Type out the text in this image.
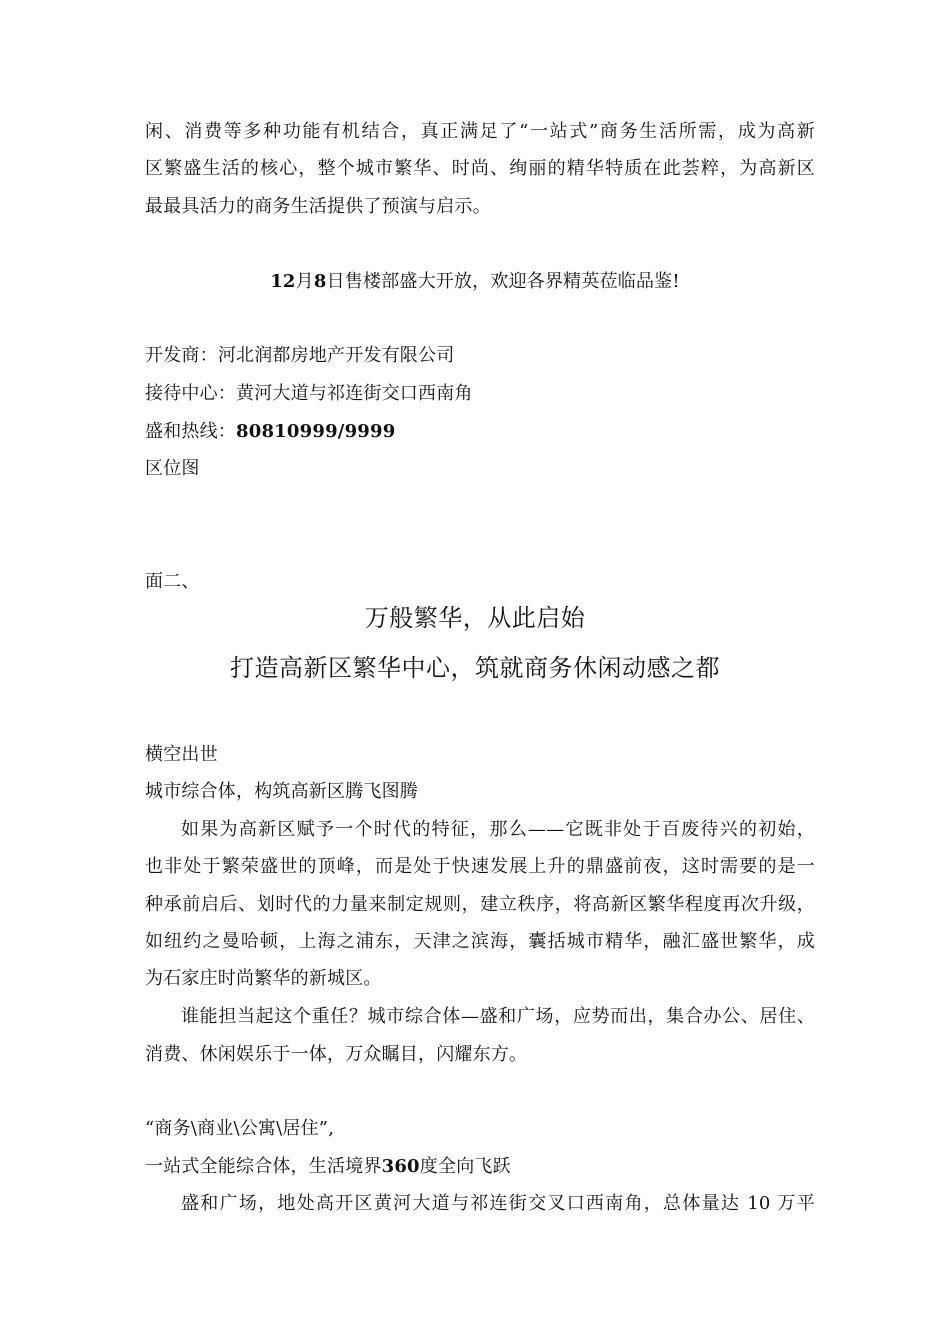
闲、消费等多种功能有机结合，真正满足了“一站式”商务生活所需，成为高新
区繁盛生活的核心，整个城市繁华、时尚、绚丽的精华特质在此荟粹，为高新区
最最具活力的商务生活提供了预演与启示。
12月8日售楼部盛大开放，欢迎各界精英莅临品鉴!
开发商：河北润都房地产开发有限公司
接待中心：黄河大道与祁连街交口西南角
盛和热线：80810999/9999
区位图
面二、
万般繁华，从此启始
打造高新区繁华中心，筑就商务休闲动感之都
横空出世
城市综合体，构筑高新区腾飞图腾
如果为高新区赋予一个时代的特征，那么——它既非处于百废待兴的初始，
也非处于繁荣盛世的顶峰，而是处于快速发展上升的鼎盛前夜，这时需要的是一
种承前启后、划时代的力量来制定规则，建立秩序，将高新区繁华程度再次升级，
如纽约之曼哈顿，上海之浦东，天津之滨海，囊括城市精华，融汇盛世繁华，成
为石家庄时尚繁华的新城区。
谁能担当起这个重任？城市综合体—盛和广场，应势而出，集合办公、居住、
消费、休闲娱乐于一体，万众瞩目，闪耀东方。
“商务\商业\公寓\居住”,
一站式全能综合体，生活境界360度全向飞跃
盛和广场，地处高开区黄河大道与祁连街交叉口西南角，总体量达 10 万平
